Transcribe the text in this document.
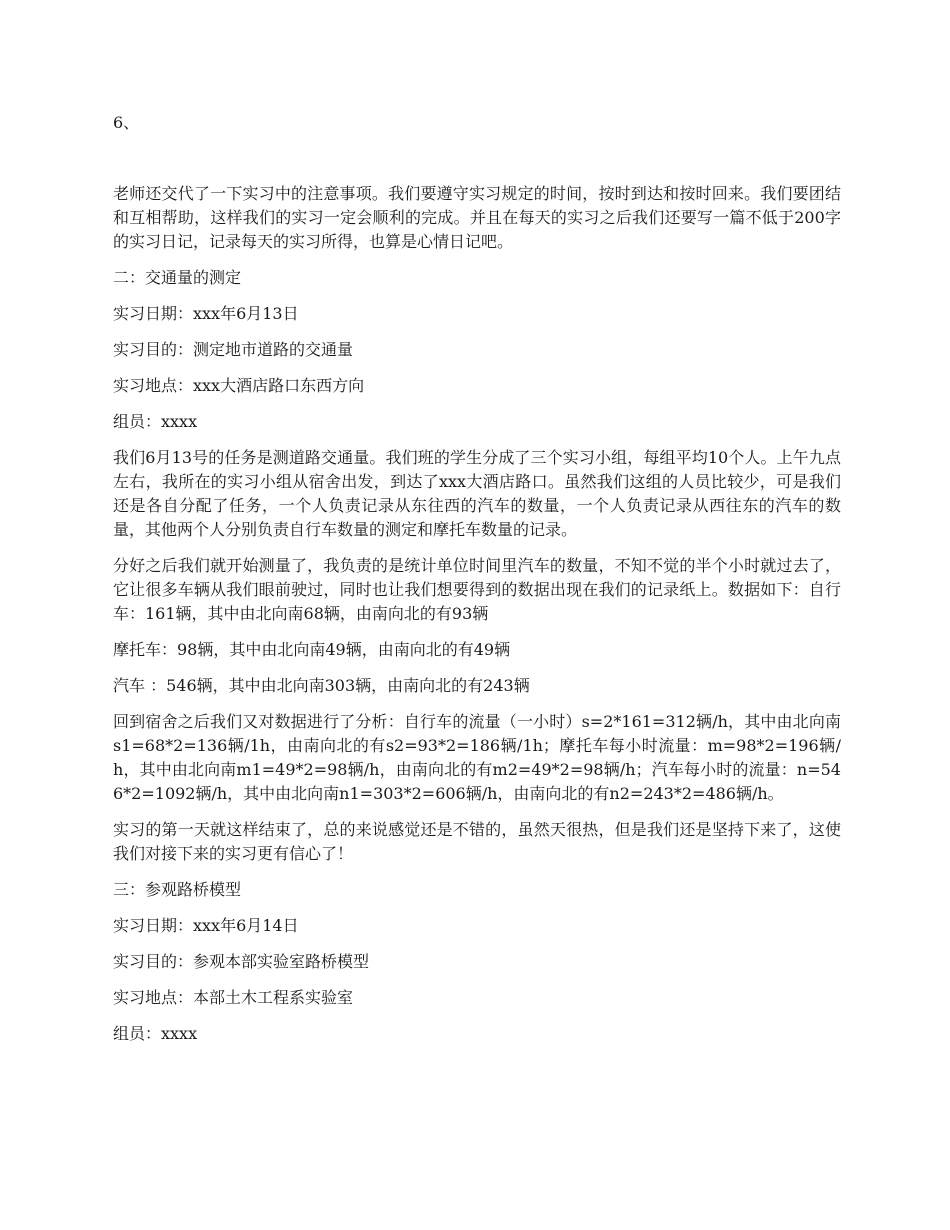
6、

老师还交代了一下实习中的注意事项。我们要遵守实习规定的时间，按时到达和按时回来。我们要团结和互相帮助，这样我们的实习一定会顺利的完成。并且在每天的实习之后我们还要写一篇不低于200字的实习日记，记录每天的实习所得，也算是心情日记吧。

二：交通量的测定

实习日期：xxx年6月13日

实习目的：测定地市道路的交通量

实习地点：xxx大酒店路口东西方向

组员：xxxx

我们6月13号的任务是测道路交通量。我们班的学生分成了三个实习小组，每组平均10个人。上午九点左右，我所在的实习小组从宿舍出发，到达了xxx大酒店路口。虽然我们这组的人员比较少，可是我们还是各自分配了任务，一个人负责记录从东往西的汽车的数量，一个人负责记录从西往东的汽车的数量，其他两个人分别负责自行车数量的测定和摩托车数量的记录。

分好之后我们就开始测量了，我负责的是统计单位时间里汽车的数量，不知不觉的半个小时就过去了，它让很多车辆从我们眼前驶过，同时也让我们想要得到的数据出现在我们的记录纸上。数据如下：自行车：161辆，其中由北向南68辆，由南向北的有93辆

摩托车：98辆，其中由北向南49辆，由南向北的有49辆

汽车 ：546辆，其中由北向南303辆，由南向北的有243辆

回到宿舍之后我们又对数据进行了分析：自行车的流量（一小时）s=2*161=312辆/h，其中由北向南s1=68*2=136辆/1h，由南向北的有s2=93*2=186辆/1h；摩托车每小时流量：m=98*2=196辆/h，其中由北向南m1=49*2=98辆/h，由南向北的有m2=49*2=98辆/h；汽车每小时的流量：n=546*2=1092辆/h，其中由北向南n1=303*2=606辆/h，由南向北的有n2=243*2=486辆/h。

实习的第一天就这样结束了，总的来说感觉还是不错的，虽然天很热，但是我们还是坚持下来了，这使我们对接下来的实习更有信心了！

三：参观路桥模型

实习日期：xxx年6月14日

实习目的：参观本部实验室路桥模型

实习地点：本部土木工程系实验室

组员：xxxx
